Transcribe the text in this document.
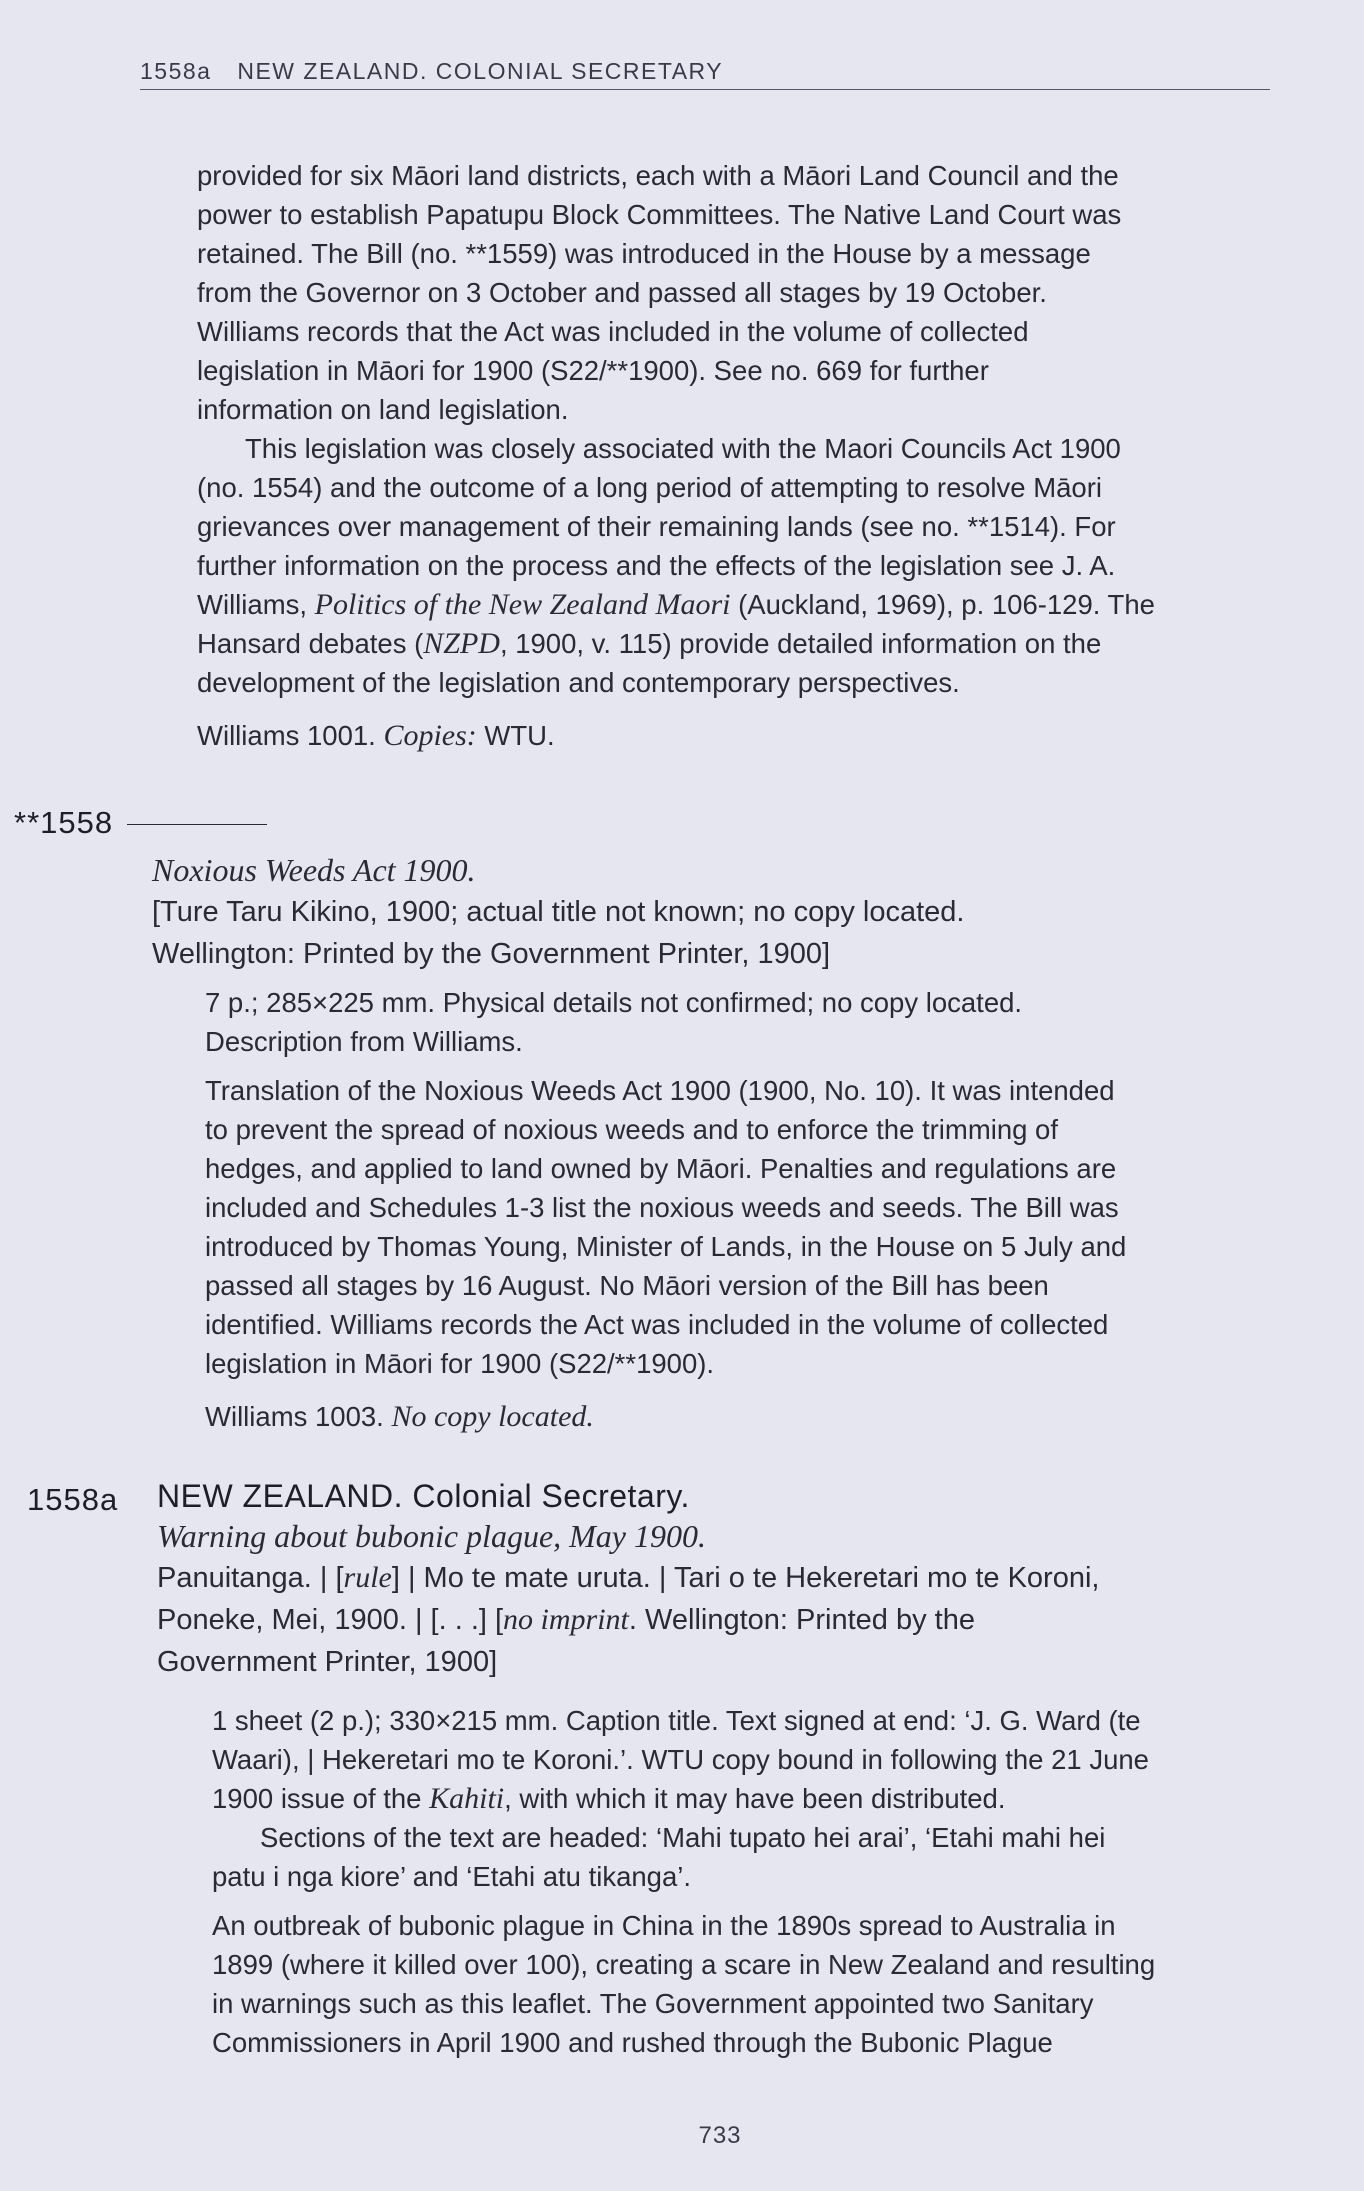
1558a NEW ZEALAND. COLONIAL SECRETARY

provided for six Māori land districts, each with a Māori Land Council and the

power to establish Papatupu Block Committees. The Native Land Court was

retained. The Bill (no. **1559) was introduced in the House by a message

from the Governor on 3 October and passed all stages by 19 October.

Williams records that the Act was included in the volume of collected

legislation in Māori for 1900 (S22/**1900). See no. 669 for further

information on land legislation.

This legislation was closely associated with the Maori Councils Act 1900

(no. 1554) and the outcome of a long period of attempting to resolve Māori

grievances over management of their remaining lands (see no. **1514). For

further information on the process and the effects of the legislation see J. A.

Williams, Politics of the New Zealand Maori (Auckland, 1969), p. 106-129. The

Hansard debates (NZPD, 1900, v. 115) provide detailed information on the

development of the legislation and contemporary perspectives.

Williams 1001. Copies: WTU.

**1558
Noxious Weeds Act 1900.
[Ture Taru Kikino, 1900; actual title not known; no copy located.
Wellington: Printed by the Government Printer, 1900]

7 p.; 285×225 mm. Physical details not confirmed; no copy located.

Description from Williams.

Translation of the Noxious Weeds Act 1900 (1900, No. 10). It was intended

to prevent the spread of noxious weeds and to enforce the trimming of

hedges, and applied to land owned by Māori. Penalties and regulations are

included and Schedules 1-3 list the noxious weeds and seeds. The Bill was

introduced by Thomas Young, Minister of Lands, in the House on 5 July and

passed all stages by 16 August. No Māori version of the Bill has been

identified. Williams records the Act was included in the volume of collected

legislation in Māori for 1900 (S22/**1900).

Williams 1003. No copy located.

1558a NEW ZEALAND. Colonial Secretary.
Warning about bubonic plague, May 1900.
Panuitanga. | [rule] | Mo te mate uruta. | Tari o te Hekeretari mo te Koroni,
Poneke, Mei, 1900. | [. . .] [no imprint. Wellington: Printed by the
Government Printer, 1900]

1 sheet (2 p.); 330×215 mm. Caption title. Text signed at end: ‘J. G. Ward (te

Waari), | Hekeretari mo te Koroni.’. WTU copy bound in following the 21 June

1900 issue of the Kahiti, with which it may have been distributed.

Sections of the text are headed: ‘Mahi tupato hei arai’, ‘Etahi mahi hei

patu i nga kiore’ and ‘Etahi atu tikanga’.

An outbreak of bubonic plague in China in the 1890s spread to Australia in

1899 (where it killed over 100), creating a scare in New Zealand and resulting

in warnings such as this leaflet. The Government appointed two Sanitary

Commissioners in April 1900 and rushed through the Bubonic Plague

733
